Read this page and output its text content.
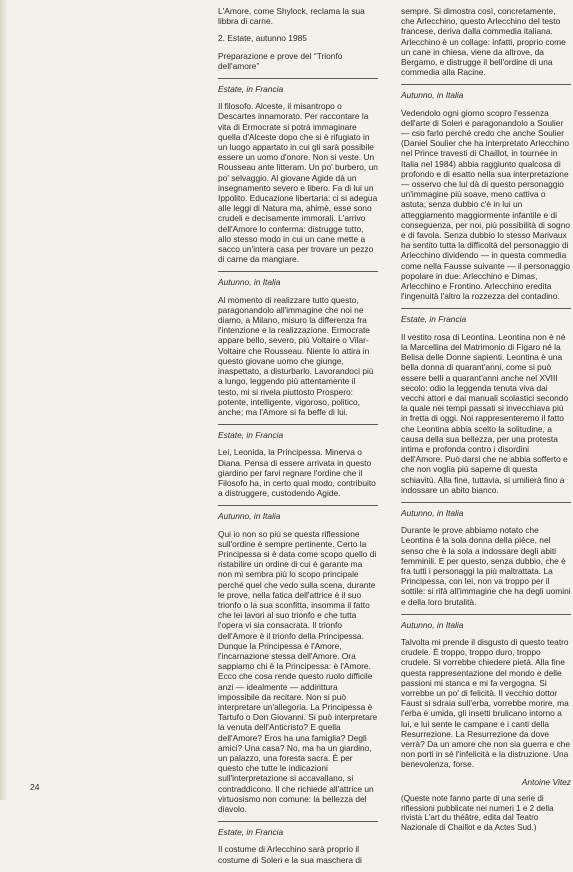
L'Amore, come Shylock, reclama la sua libbra di carne.

2. Estate, autunno 1985

Preparazione e prove del “Trionfo dell'amore”

Estate, in Francia

Il filosofo. Alceste, il misantropo o Descartes innamorato. Per raccontare la vita di Ermocrate si potrà immaginare quella d'Alceste dopo che si è rifugiato in un luogo appartato in cui gli sarà possibile essere un uomo d'onore. Non si veste. Un Rousseau ante litteram. Un po' burbero, un po' selvaggio. Al giovane Agide dà un insegnamento severo e libero. Fa di lui un Ippolito. Educazione libertaria: ci si adegua alle leggi di Natura ma, ahimè, esse sono crudeli e decisamente immorali. L'arrivo dell'Amore lo conferma: distrugge tutto, allo stesso modo in cui un cane mette a sacco un'intera casa per trovare un pezzo di carne da mangiare.

Autunno, in Italia

Al momento di realizzare tutto questo, paragonandolo all'immagine che noi ne diamo, a Milano, misuro la differenza fra l'intenzione e la realizzazione. Ermocrate appare bello, severo, più Voltaire o Vilar-Voltaire che Rousseau. Niente lo attira in questo giovane uomo che giunge, inaspettato, a disturbarlo. Lavorandoci più a lungo, leggendo più attentamente il testo, mi si rivela piuttosto Prospero: potente, intelligente, vigoroso, politico, anche; ma l'Amore si fa beffe di lui.

Estate, in Francia

Lei, Leonida, la Principessa. Minerva o Diana. Pensa di essere arrivata in questo giardino per farvi regnare l'ordine che il Filosofo ha, in certo qual modo, contribuito a distruggere, custodendo Agide.

Autunno, in Italia

Qui io non so più se questa riflessione sull'ordine è sempre pertinente. Certo la Principessa si è data come scopo quello di ristabilire un ordine di cui è garante ma non mi sembra più lo scopo principale perché quel che vedo sulla scena, durante le prove, nella fatica dell'attrice è il suo trionfo o la sua sconfitta, insomma il fatto che lei lavori al suo trionfo e che tutta l'opera vi sia consacrata. Il trionfo dell'Amore è il trionfo della Principessa. Dunque la Principessa è l'Amore, l'incarnazione stessa dell'Amore. Ora sappiamo chi è la Principessa: è l'Amore. Ecco che cosa rende questo ruolo difficile anzi — idealmente — addirittura impossibile da recitare. Non si può interpretare un'allegoria. La Principessa è Tartufo o Don Giovanni. Si può interpretare la venuta dell'Anticristo? E quella dell'Amore? Eros ha una famiglia? Degli amici? Una casa? No, ma ha un giardino, un palazzo, una foresta sacra. È per questo che tutte le indicazioni sull'interpretazione si accavallano, si contraddicono. Il che richiede all'attrice un virtuosismo non comune: la bellezza del diavolo.

Estate, in Francia

Il costume di Arlecchino sarà proprio il costume di Soleri e la sua maschera di

sempre. Si dimostra così, concretamente, che Arlecchino, questo Arlecchino del testo francese, deriva dalla commedia italiana. Arlecchino è un collage: infatti, proprio come un cane in chiesa, viene da altrove, da Bergamo, e distrugge il bell'ordine di una commedia alla Racine.

Autunno, in Italia

Vedendolo ogni giorno scopro l'essenza dell'arte di Soleri e paragonandolo a Soulier — cso farlo perché credo che anche Soulier (Daniel Soulier che ha interpretato Arlecchino nel Prince travesti di Chaillot, in tournée in Italia nel 1984) abbia raggiunto qualcosa di profondo e di esatto nella sua interpretazione — osservo che lui dà di questo personaggio un'immagine più soave, meno cattiva o astuta; senza dubbio c'è in lui un atteggiamento maggiormente infantile e di conseguenza, per noi, più possibilità di sogno e di favola. Senza dubbio lo stesso Marivaux ha sentito tutta la difficoltà del personaggio di Arlecchino dividendo — in questa commedia come nella Fausse suivante — il personaggio popolare in due: Arlecchino e Dimas, Arlecchino e Frontino. Arlecchino eredita l'ingenuità l'altro la rozzezza del contadino.

Estate, in Francia

Il vestito rosa di Leontina. Leontina non è né la Marcellina del Matrimonio di Figaro né la Belisa delle Donne sapienti. Leontina è una bella donna di quarant'anni, come si può essere belli a quarant'anni anche nel XVIII secolo: odio la leggenda tenuta viva dai vecchi attori e dai manuali scolastici secondo la quale nei tempi passati si invecchiava più in fretta di oggi. Noi rappresenteremo il fatto che Leontina abbia scelto la solitudine, a causa della sua bellezza, per una protesta intima e profonda contro i disordini dell'Amore. Può darsi che ne abbia sofferto e che non voglia più saperne di questa schiavitù. Alla fine, tuttavia, si umilierà fino a indossare un abito bianco.

Autunno, in Italia

Durante le prove abbiamo notato che Leontina è la sola donna della pièce, nel senso che è la sola a indossare degli abiti femminili. E per questo, senza dubbio, che è fra tutti i personaggi la più maltrattata. La Principessa, con lei, non va troppo per il sottile: si rifà all'immagine che ha degli uomini e della loro brutalità.

Autunno, in Italia

Talvolta mi prende il disgusto di questo teatro crudele. È troppo, troppo duro, troppo crudele. Si vorrebbe chiedere pietà. Alla fine questa rappresentazione del mondo e delle passioni mi stanca e mi fa vergogna. Si vorrebbe un po' di felicità. Il vecchio dottor Faust si sdraia sull'erba, vorrebbe morire, ma l'erba è umida, gli insetti brulicano intorno a lui, e lui sente le campane e i canti della Resurrezione. La Resurrezione da dove verrà? Da un amore che non sia guerra e che non porti in sé l'infelicità e la distruzione. Una benevolenza, forse.

Antoine Vitez

(Queste note fanno parte di una serie di riflessioni pubblicate nei numeri 1 e 2 della rivista L'art du théâtre, edita dal Teatro Nazionale di Chaillot e da Actes Sud.)

24
